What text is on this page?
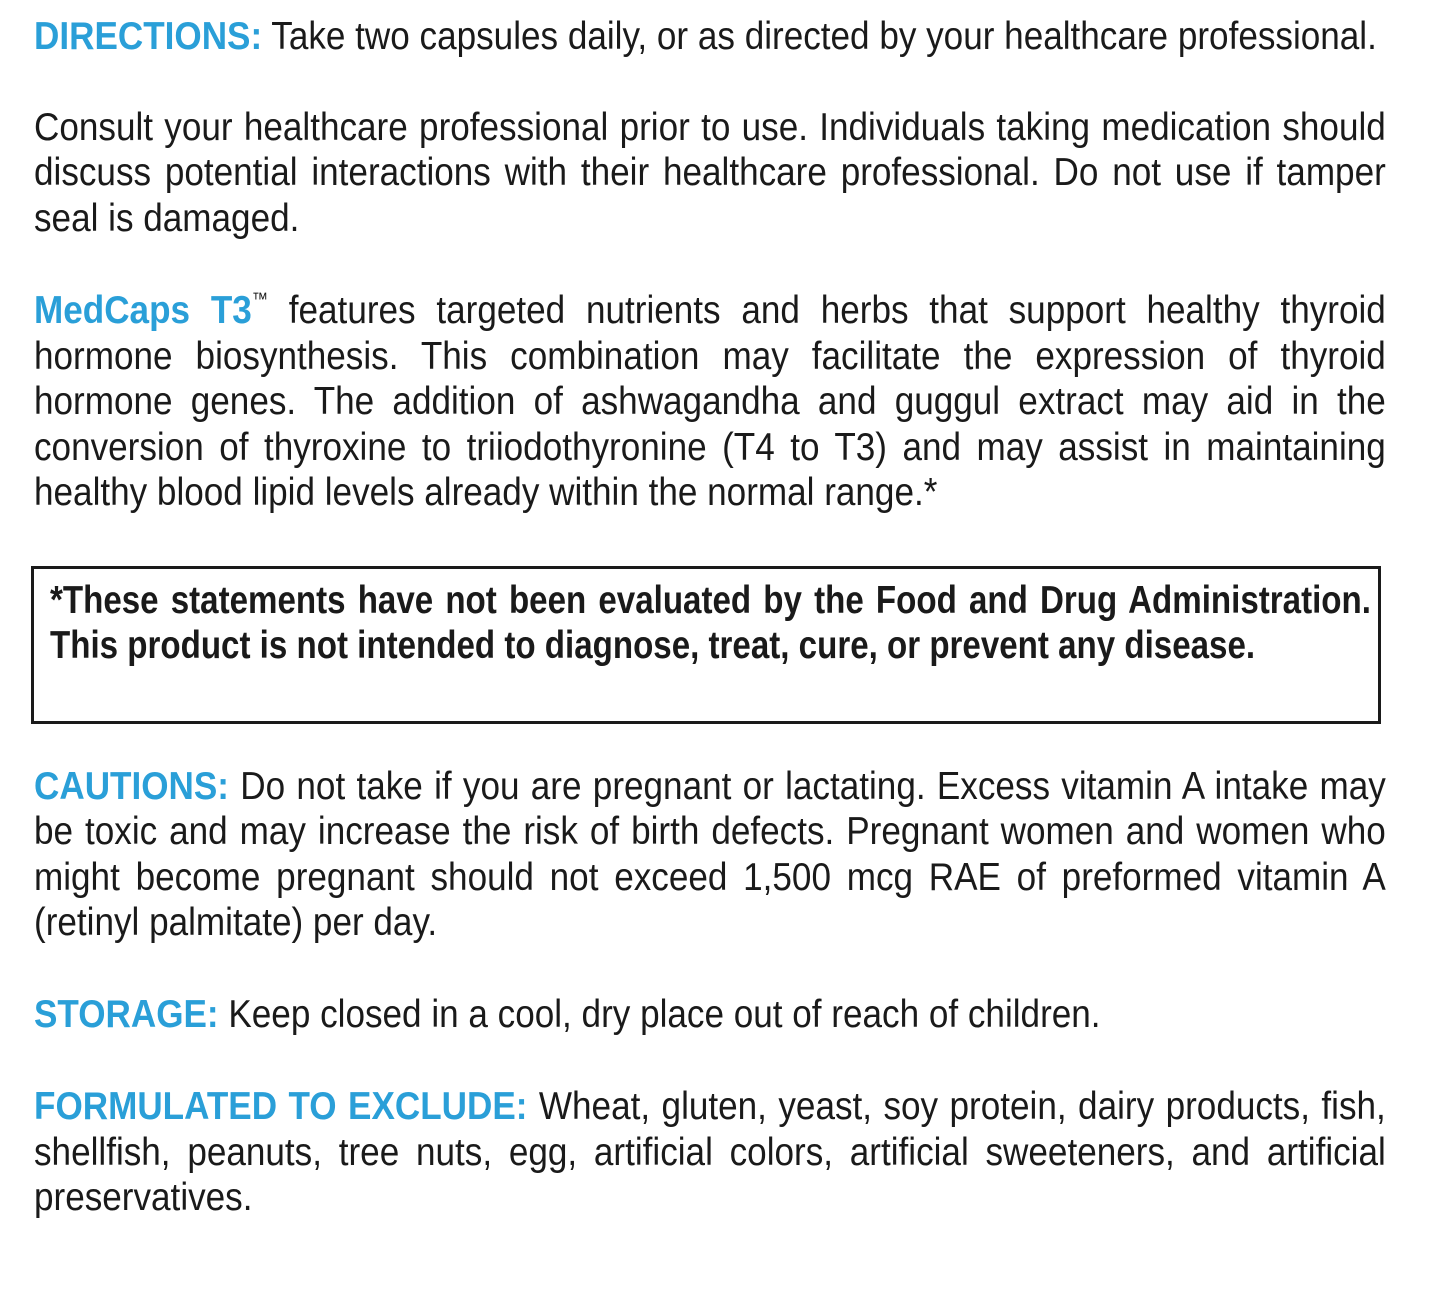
DIRECTIONS: Take two capsules daily, or as directed by your healthcare professional.

Consult your healthcare professional prior to use. Individuals taking medication should discuss potential interactions with their healthcare professional. Do not use if tamper seal is damaged.

MedCaps T3™ features targeted nutrients and herbs that support healthy thyroid hormone biosynthesis. This combination may facilitate the expression of thyroid hormone genes. The addition of ashwagandha and guggul extract may aid in the conversion of thyroxine to triiodothyronine (T4 to T3) and may assist in maintaining healthy blood lipid levels already within the normal range.*

*These statements have not been evaluated by the Food and Drug Administration. This product is not intended to diagnose, treat, cure, or prevent any disease.

CAUTIONS: Do not take if you are pregnant or lactating. Excess vitamin A intake may be toxic and may increase the risk of birth defects. Pregnant women and women who might become pregnant should not exceed 1,500 mcg RAE of preformed vitamin A (retinyl palmitate) per day.

STORAGE: Keep closed in a cool, dry place out of reach of children.

FORMULATED TO EXCLUDE: Wheat, gluten, yeast, soy protein, dairy products, fish, shellfish, peanuts, tree nuts, egg, artificial colors, artificial sweeteners, and artificial preservatives.
